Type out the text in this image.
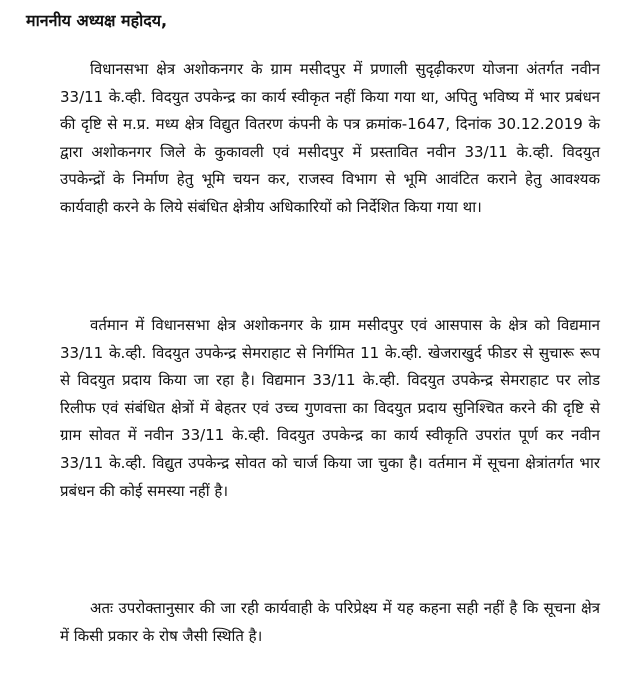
माननीय अध्यक्ष महोदय,

विधानसभा क्षेत्र अशोकनगर के ग्राम मसीदपुर में प्रणाली सुदृढ़ीकरण योजना अंतर्गत नवीन 33/11 के.व्ही. विदयुत उपकेन्द्र का कार्य स्वीकृत नहीं किया गया था, अपितु भविष्य में भार प्रबंधन की दृष्टि से म.प्र. मध्य क्षेत्र विद्युत वितरण कंपनी के पत्र क्रमांक-1647, दिनांक 30.12.2019 के द्वारा अशोकनगर जिले के कुकावली एवं मसीदपुर में प्रस्तावित नवीन 33/11 के.व्ही. विदयुत उपकेन्द्रों के निर्माण हेतु भूमि चयन कर, राजस्व विभाग से भूमि आवंटित कराने हेतु आवश्यक कार्यवाही करने के लिये संबंधित क्षेत्रीय अधिकारियों को निर्देशित किया गया था।

वर्तमान में विधानसभा क्षेत्र अशोकनगर के ग्राम मसीदपुर एवं आसपास के क्षेत्र को विद्यमान 33/11 के.व्ही. विदयुत उपकेन्द्र सेमराहाट से निर्गमित 11 के.व्ही. खेजराखुर्द फीडर से सुचारू रूप से विदयुत प्रदाय किया जा रहा है। विद्यमान 33/11 के.व्ही. विदयुत उपकेन्द्र सेमराहाट पर लोड रिलीफ एवं संबंधित क्षेत्रों में बेहतर एवं उच्च गुणवत्ता का विदयुत प्रदाय सुनिश्चित करने की दृष्टि से ग्राम सोवत में नवीन 33/11 के.व्ही. विदयुत उपकेन्द्र का कार्य स्वीकृति उपरांत पूर्ण कर नवीन 33/11 के.व्ही. विद्युत उपकेन्द्र सोवत को चार्ज किया जा चुका है। वर्तमान में सूचना क्षेत्रांतर्गत भार प्रबंधन की कोई समस्या नहीं है।

अतः उपरोक्तानुसार की जा रही कार्यवाही के परिप्रेक्ष्य में यह कहना सही नहीं है कि सूचना क्षेत्र में किसी प्रकार के रोष जैसी स्थिति है।
